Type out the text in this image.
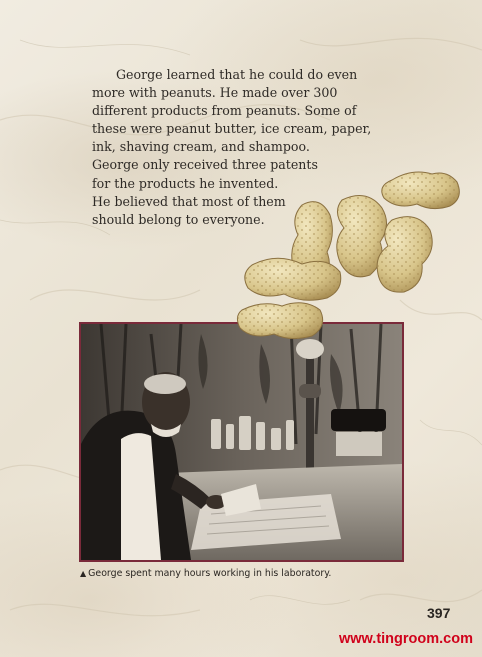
George learned that he could do even
more with peanuts. He made over 300
different products from peanuts. Some of
these were peanut butter, ice cream, paper,
ink, shaving cream, and shampoo.
George only received three patents
for the products he invented.
He believed that most of them
should belong to everyone.

▲ George spent many hours working in his laboratory.
397
www.tingroom.com
